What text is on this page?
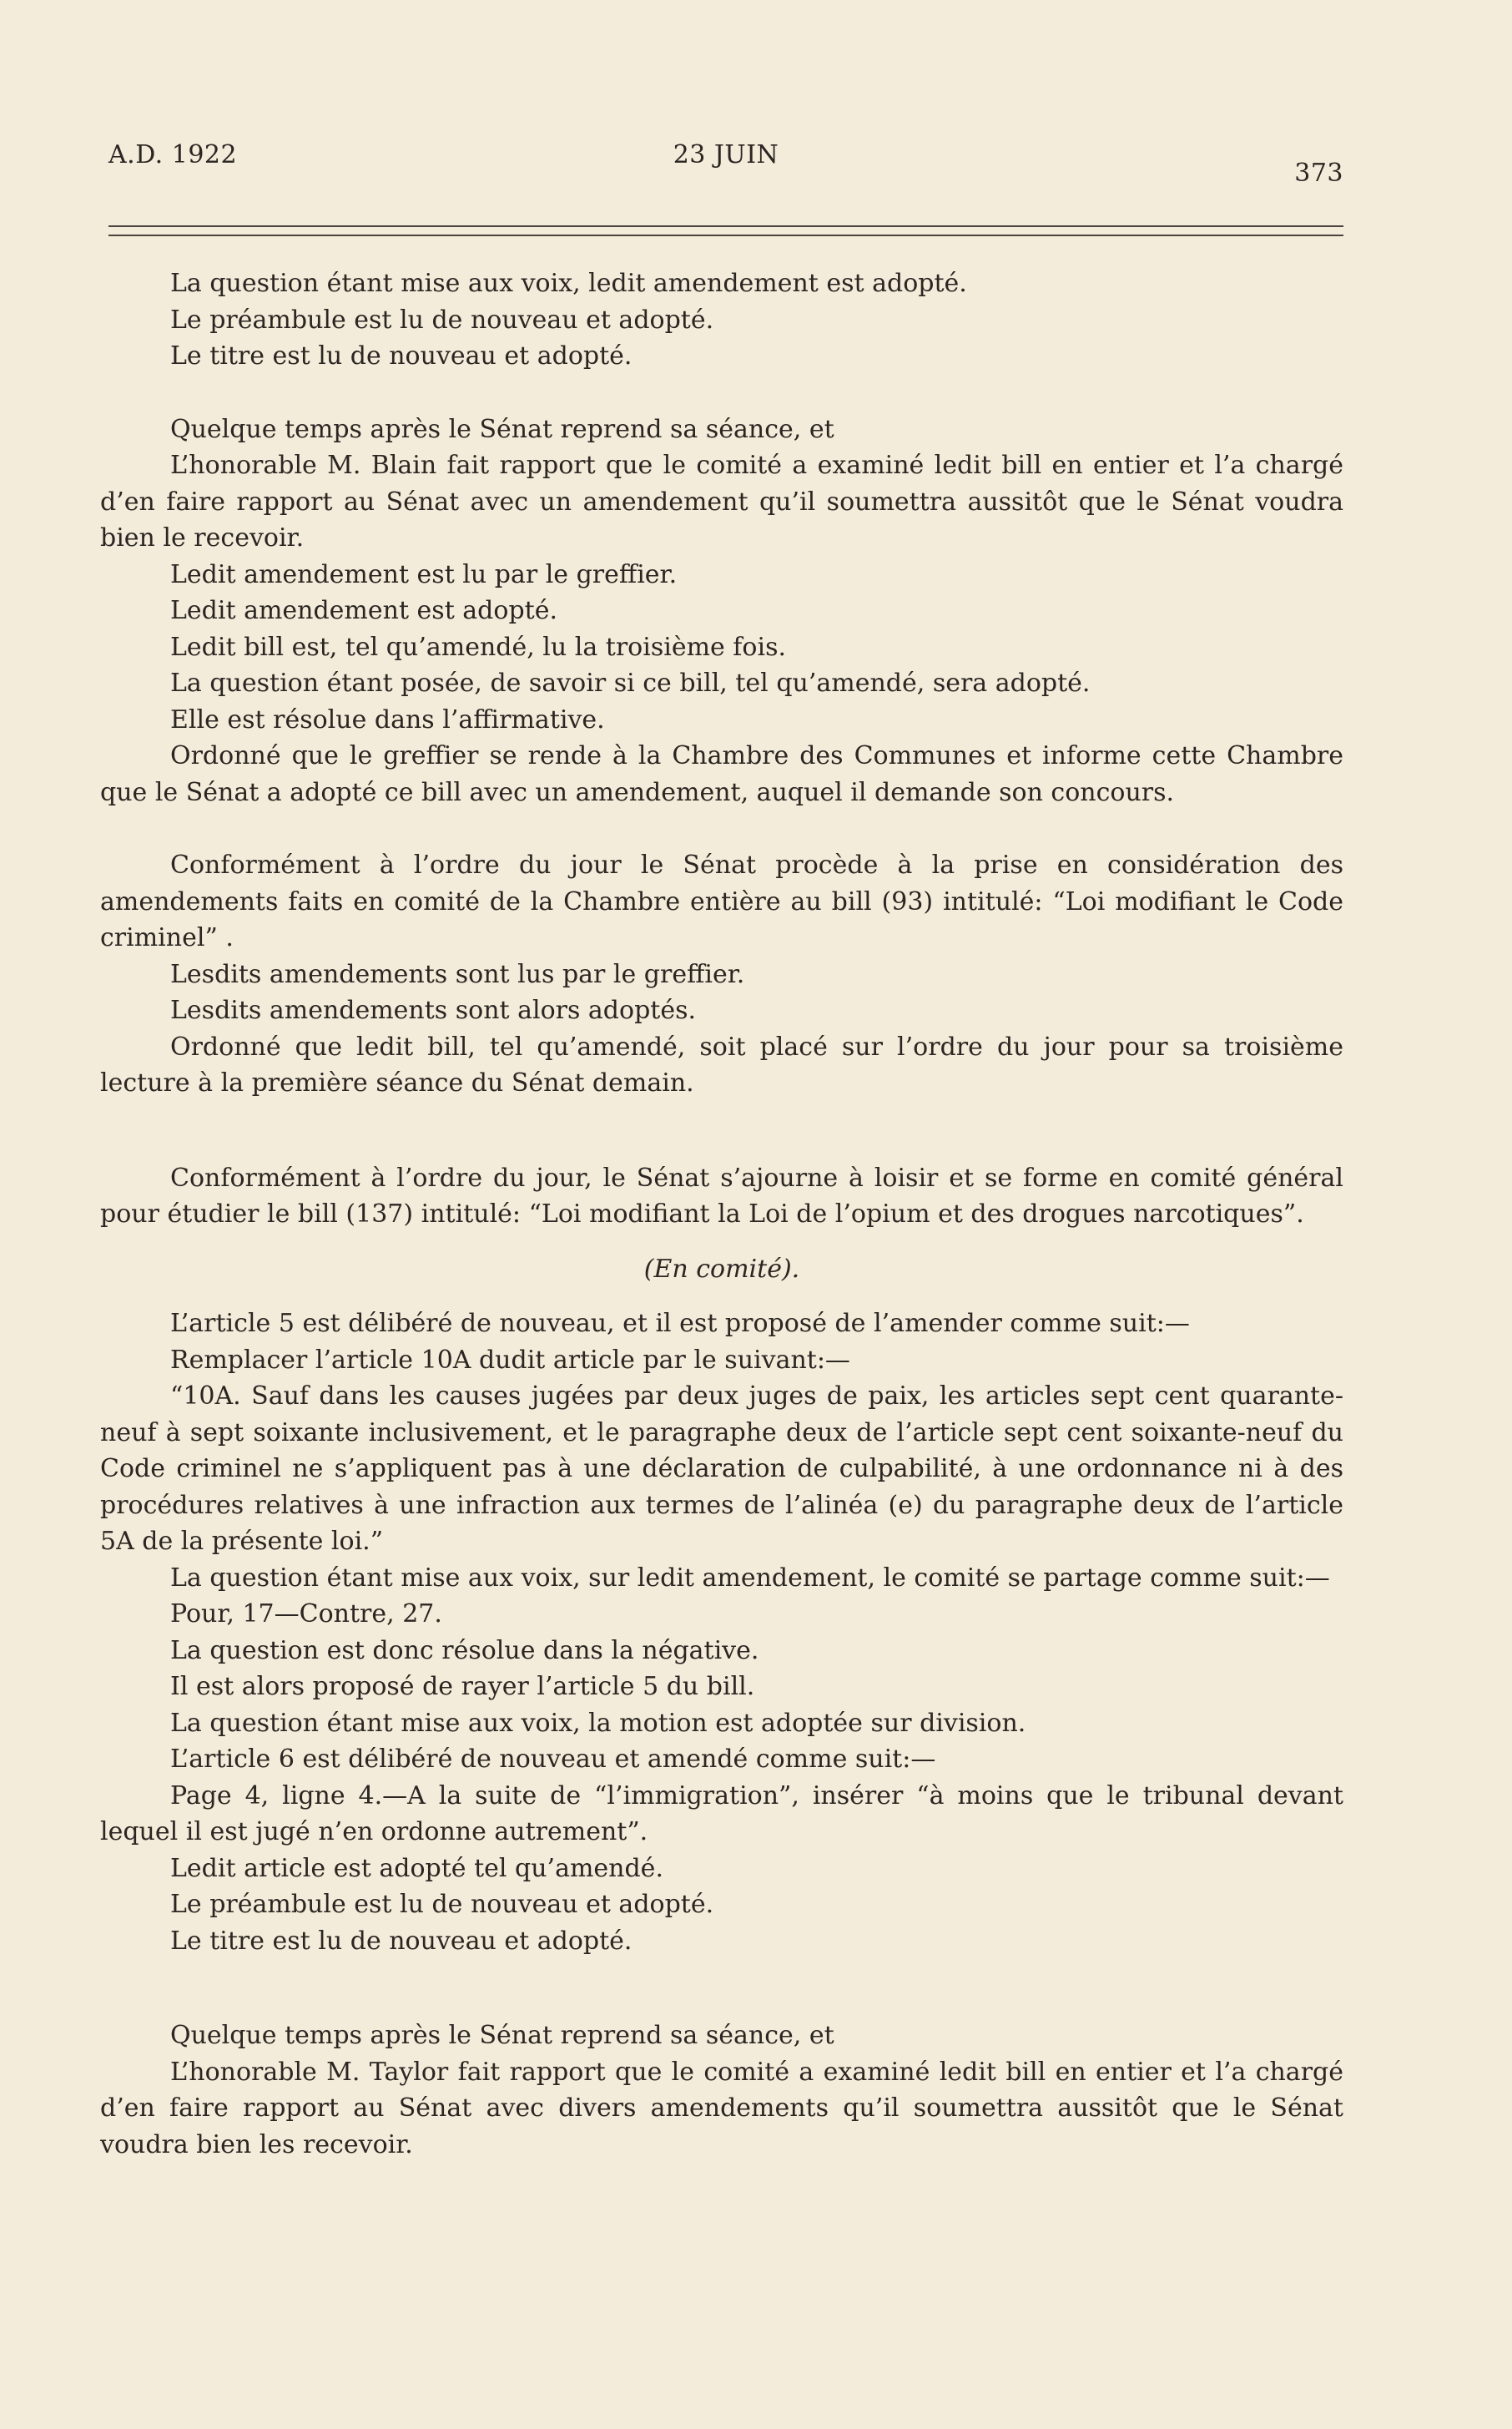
A.D. 1922	23 JUIN
373

La question étant mise aux voix, ledit amendement est adopté.

Le préambule est lu de nouveau et adopté.

Le titre est lu de nouveau et adopté.

Quelque temps après le Sénat reprend sa séance, et

L’honorable M. Blain fait rapport que le comité a examiné ledit bill en entier et l’a chargé d’en faire rapport au Sénat avec un amendement qu’il soumettra aussitôt que le Sénat voudra bien le recevoir.

Ledit amendement est lu par le greffier.

Ledit amendement est adopté.

Ledit bill est, tel qu’amendé, lu la troisième fois.

La question étant posée, de savoir si ce bill, tel qu’amendé, sera adopté.

Elle est résolue dans l’affirmative.

Ordonné que le greffier se rende à la Chambre des Communes et informe cette Chambre que le Sénat a adopté ce bill avec un amendement, auquel il demande son concours.

Conformément à l’ordre du jour le Sénat procède à la prise en considération des amendements faits en comité de la Chambre entière au bill (93) intitulé: “Loi modifiant le Code criminel” .

Lesdits amendements sont lus par le greffier.

Lesdits amendements sont alors adoptés.

Ordonné que ledit bill, tel qu’amendé, soit placé sur l’ordre du jour pour sa troisième lecture à la première séance du Sénat demain.

Conformément à l’ordre du jour, le Sénat s’ajourne à loisir et se forme en comité général pour étudier le bill (137) intitulé: “Loi modifiant la Loi de l’opium et des drogues narcotiques”.

(En comité).

L’article 5 est délibéré de nouveau, et il est proposé de l’amender comme suit:—

Remplacer l’article 10A dudit article par le suivant:—

“10A. Sauf dans les causes jugées par deux juges de paix, les articles sept cent quarante-neuf à sept soixante inclusivement, et le paragraphe deux de l’article sept cent soixante-neuf du Code criminel ne s’appliquent pas à une déclaration de culpabilité, à une ordonnance ni à des procédures relatives à une infraction aux termes de l’alinéa (e) du paragraphe deux de l’article 5A de la présente loi.”

La question étant mise aux voix, sur ledit amendement, le comité se partage comme suit:—

Pour, 17—Contre, 27.

La question est donc résolue dans la négative.

Il est alors proposé de rayer l’article 5 du bill.

La question étant mise aux voix, la motion est adoptée sur division.

L’article 6 est délibéré de nouveau et amendé comme suit:—

Page 4, ligne 4.—A la suite de “l’immigration”, insérer “à moins que le tribunal devant lequel il est jugé n’en ordonne autrement”.

Ledit article est adopté tel qu’amendé.

Le préambule est lu de nouveau et adopté.

Le titre est lu de nouveau et adopté.

Quelque temps après le Sénat reprend sa séance, et

L’honorable M. Taylor fait rapport que le comité a examiné ledit bill en entier et l’a chargé d’en faire rapport au Sénat avec divers amendements qu’il soumettra aussitôt que le Sénat voudra bien les recevoir.
